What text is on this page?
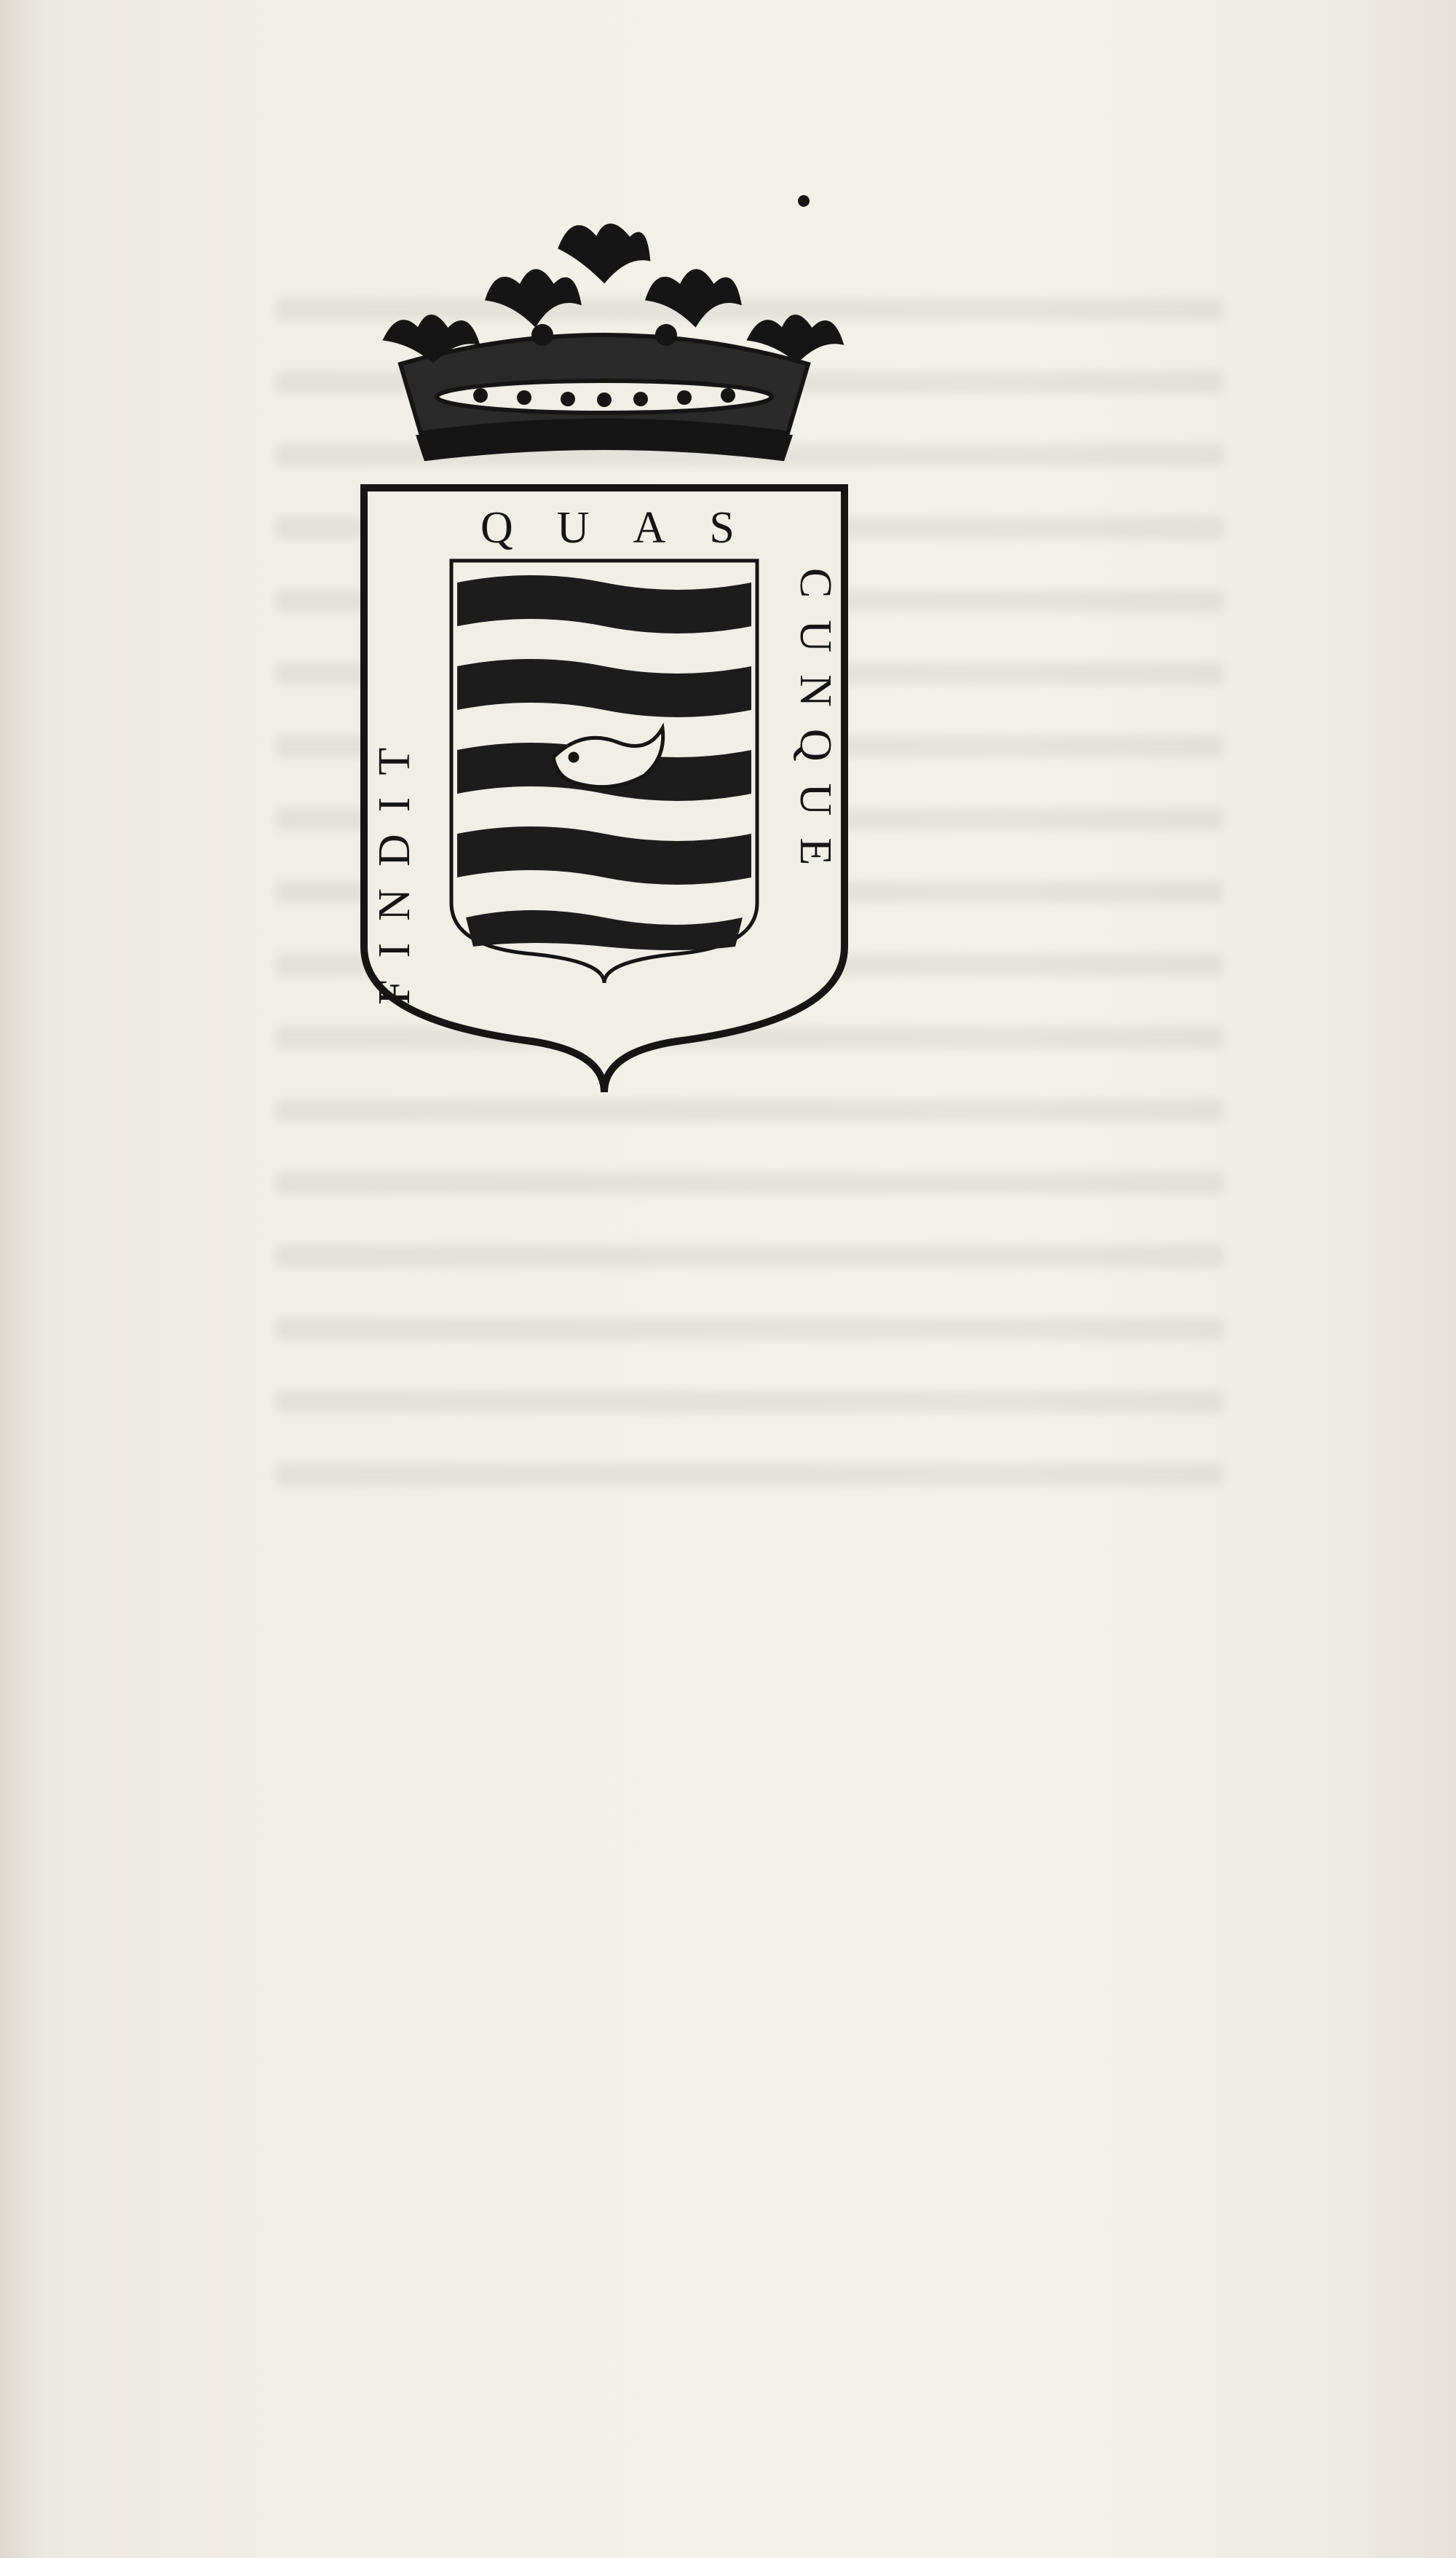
Q U A S
FINDIT	CUNQUE
